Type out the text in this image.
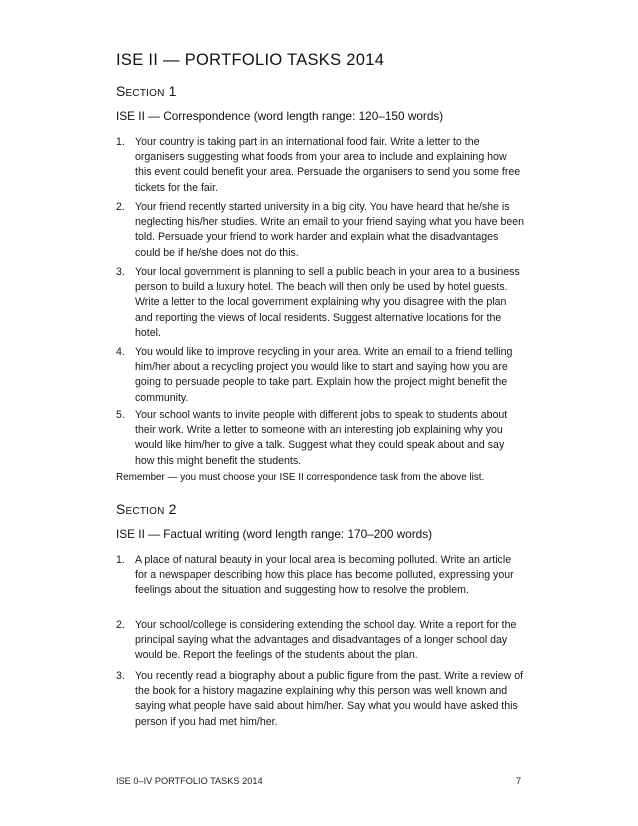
ISE II — PORTFOLIO TASKS 2014
Section 1
ISE II — Correspondence (word length range: 120–150 words)
1. Your country is taking part in an international food fair. Write a letter to the organisers suggesting what foods from your area to include and explaining how this event could benefit your area. Persuade the organisers to send you some free tickets for the fair.

2. Your friend recently started university in a big city. You have heard that he/she is neglecting his/her studies. Write an email to your friend saying what you have been told. Persuade your friend to work harder and explain what the disadvantages could be if he/she does not do this.

3. Your local government is planning to sell a public beach in your area to a business person to build a luxury hotel. The beach will then only be used by hotel guests. Write a letter to the local government explaining why you disagree with the plan and reporting the views of local residents. Suggest alternative locations for the hotel.

4. You would like to improve recycling in your area. Write an email to a friend telling him/her about a recycling project you would like to start and saying how you are going to persuade people to take part. Explain how the project might benefit the community.

5. Your school wants to invite people with different jobs to speak to students about their work. Write a letter to someone with an interesting job explaining why you would like him/her to give a talk. Suggest what they could speak about and say how this might benefit the students.

Remember — you must choose your ISE II correspondence task from the above list.

Section 2
ISE II — Factual writing (word length range: 170–200 words)
1. A place of natural beauty in your local area is becoming polluted. Write an article for a newspaper describing how this place has become polluted, expressing your feelings about the situation and suggesting how to resolve the problem.

2. Your school/college is considering extending the school day. Write a report for the principal saying what the advantages and disadvantages of a longer school day would be. Report the feelings of the students about the plan.

3. You recently read a biography about a public figure from the past. Write a review of the book for a history magazine explaining why this person was well known and saying what people have said about him/her. Say what you would have asked this person if you had met him/her.

ISE 0–IV PORTFOLIO TASKS 2014	7
